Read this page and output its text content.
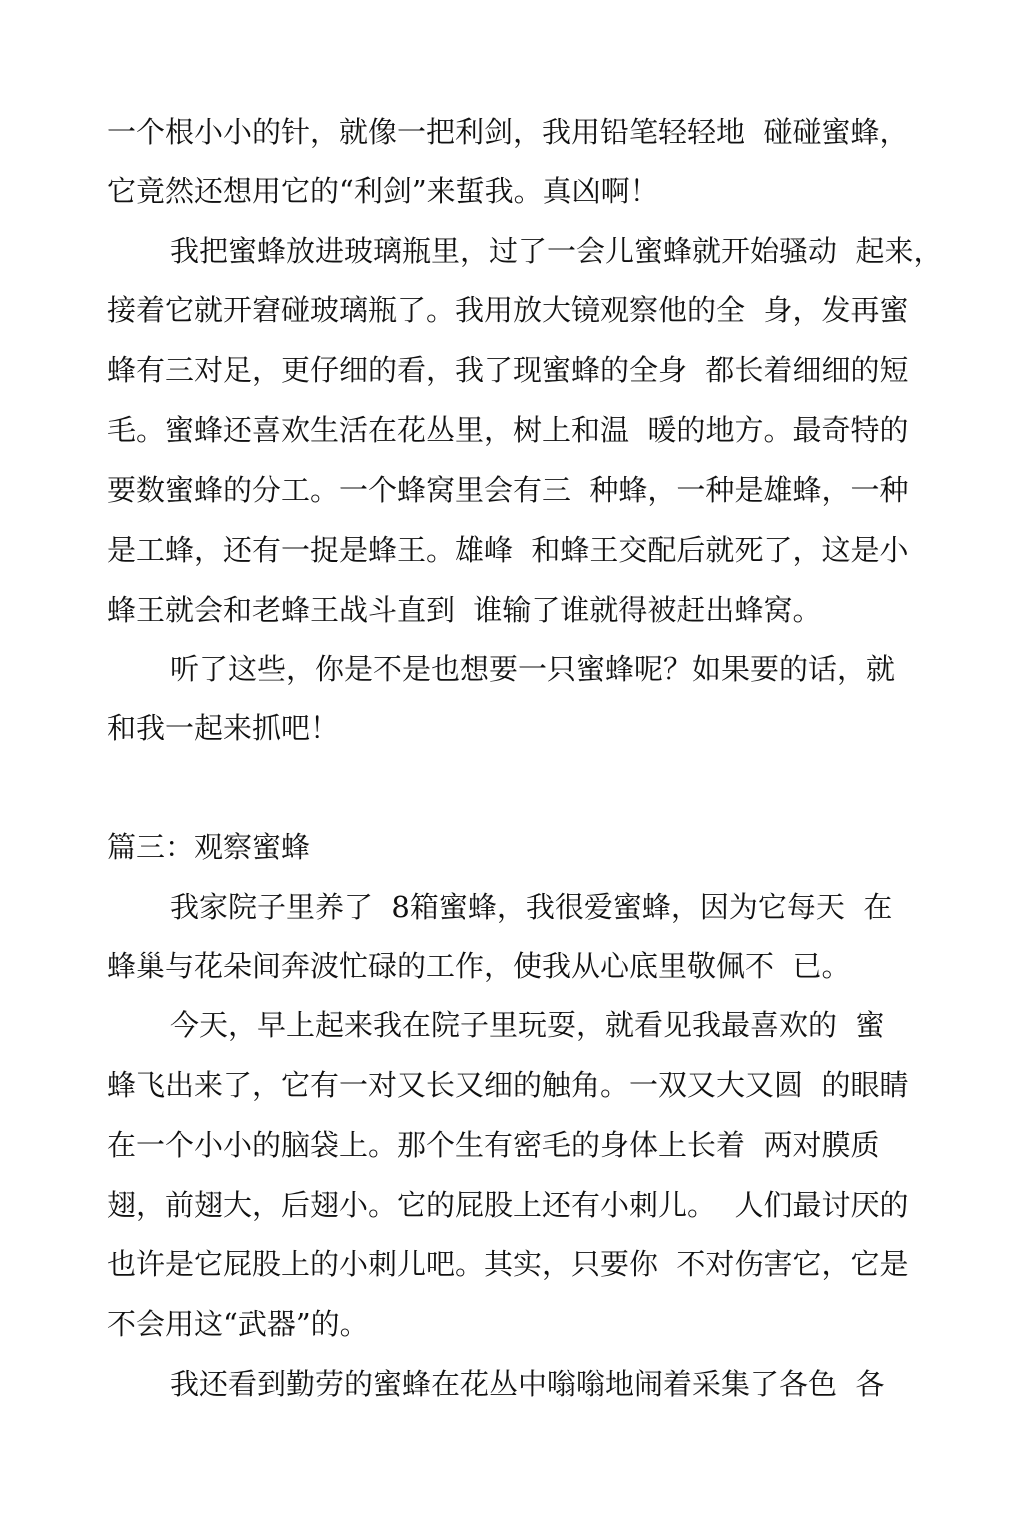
一个根小小的针，就像一把利剑，我用铅笔轻轻地  碰碰蜜蜂，
它竟然还想用它的“利剑”来蜇我。真凶啊！
我把蜜蜂放进玻璃瓶里，过了一会儿蜜蜂就开始骚动  起来，
接着它就开窘碰玻璃瓶了。我用放大镜观察他的全  身，发再蜜
蜂有三对足，更仔细的看，我了现蜜蜂的全身  都长着细细的短
毛。蜜蜂还喜欢生活在花丛里，树上和温  暖的地方。最奇特的
要数蜜蜂的分工。一个蜂窝里会有三  种蜂，一种是雄蜂，一种
是工蜂，还有一捉是蜂王。雄峰  和蜂王交配后就死了，这是小
蜂王就会和老蜂王战斗直到  谁输了谁就得被赶出蜂窝。
听了这些，你是不是也想要一只蜜蜂呢？如果要的话，就
和我一起来抓吧！
篇三：观察蜜蜂
我家院子里养了  8箱蜜蜂，我很爱蜜蜂，因为它每天  在
蜂巢与花朵间奔波忙碌的工作，使我从心底里敬佩不  已。
今天，早上起来我在院子里玩耍，就看见我最喜欢的  蜜
蜂飞出来了，它有一对又长又细的触角。一双又大又圆  的眼睛
在一个小小的脑袋上。那个生有密毛的身体上长着  两对膜质
翅，前翅大，后翅小。它的屁股上还有小刺儿。  人们最讨厌的
也许是它屁股上的小刺儿吧。其实，只要你  不对伤害它，它是
不会用这“武器”的。
我还看到勤劳的蜜蜂在花丛中嗡嗡地闹着采集了各色  各
